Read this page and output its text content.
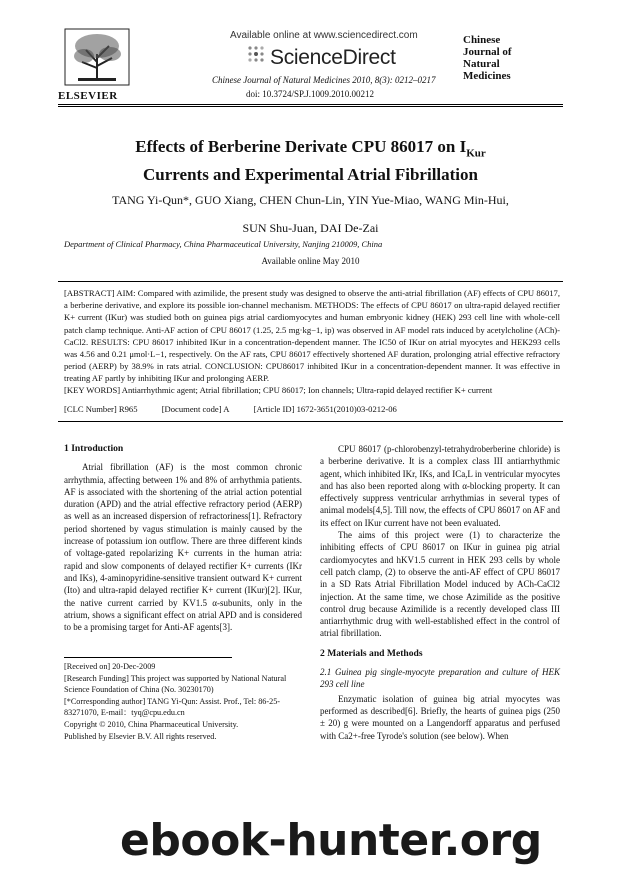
ELSEVIER
Available online at www.sciencedirect.com
ScienceDirect
Chinese Journal of Natural Medicines 2010, 8(3): 0212–0217
doi: 10.3724/SP.J.1009.2010.00212
Chinese
Journal of
Natural
Medicines
Effects of Berberine Derivate CPU 86017 on $I_{Kur}$
Currents and Experimental Atrial Fibrillation
TANG Yi-Qun*, GUO Xiang, CHEN Chun-Lin, YIN Yue-Miao, WANG Min-Hui,
SUN Shu-Juan, DAI De-Zai
Department of Clinical Pharmacy, China Pharmaceutical University, Nanjing 210009, China
Available online May 2010
[ABSTRACT] AIM: Compared with azimilide, the present study was designed to observe the anti-atrial fibrillation (AF) effects of CPU 86017, a berberine derivative, and explore its possible ion-channel mechanism. METHODS: The effects of CPU 86017 on ultra-rapid delayed rectifier K+ current (IKur) was studied both on guinea pigs atrial cardiomyocytes and human embryonic kidney (HEK) 293 cell line with whole-cell patch clamp technique. Anti-AF action of CPU 86017 (1.25, 2.5 mg·kg−1, ip) was observed in AF model rats induced by acetylcholine (ACh)-CaCl2. RESULTS: CPU 86017 inhibited IKur in a concentration-dependent manner. The IC50 of IKur on atrial myocytes and HEK293 cells was 4.56 and 0.21 μmol·L−1, respectively. On the AF rats, CPU 86017 effectively shortened AF duration, prolonging atrial effective refractory period (AERP) by 38.9% in rats atrial. CONCLUSION: CPU86017 inhibited IKur in a concentration-dependent manner. It was effective in treating AF partly by inhibiting IKur and prolonging AERP.
[KEY WORDS] Antiarrhythmic agent; Atrial fibrillation; CPU 86017; Ion channels; Ultra-rapid delayed rectifier K+ current
[CLC Number] R965	[Document code] A	[Article ID] 1672-3651(2010)03-0212-06
1 Introduction

Atrial fibrillation (AF) is the most common chronic arrhythmia, affecting between 1% and 8% of arrhythmia patients. AF is associated with the shortening of the atrial action potential duration (APD) and the atrial effective refractory period (AERP) as well as an increased dispersion of refractoriness[1]. Refractory period shortened by vagus stimulation is mainly caused by the increase of potassium ion outflow. There are three different kinds of voltage-gated repolarizing K+ currents in the human atria: rapid and slow components of delayed rectifier K+ currents (IKr and IKs), 4-aminopyridine-sensitive transient outward K+ current (Ito) and ultra-rapid delayed rectifier K+ current (IKur)[2]. IKur, the native current carried by KV1.5 α-subunits, only in the atrium, shows a significant effect on atrial APD and is considered to be a promising target for Anti-AF agents[3].

[Received on] 20-Dec-2009
[Research Funding] This project was supported by National Natural Science Foundation of China (No. 30230170)
[*Corresponding author] TANG Yi-Qun: Assist. Prof., Tel: 86-25-83271070, E-mail：tyq@cpu.edu.cn
Copyright © 2010, China Pharmaceutical University.
Published by Elsevier B.V. All rights reserved.

CPU 86017 (p-chlorobenzyl-tetrahydroberberine chloride) is a berberine derivative. It is a complex class III antiarrhythmic agent, which inhibited IKr, IKs, and ICa,L in ventricular myocytes and has also been reported along with α-blocking property. It can effectively suppress ventricular arrhythmias in several types of animal models[4,5]. Till now, the effects of CPU 86017 on AF and its effect on IKur current have not been evaluated.

The aims of this project were (1) to characterize the inhibiting effects of CPU 86017 on IKur in guinea pig atrial cardiomyocytes and hKV1.5 current in HEK 293 cells by whole cell patch clamp, (2) to observe the anti-AF effect of CPU 86017 in a SD Rats Atrial Fibrillation Model induced by ACh-CaCl2 injection. At the same time, we chose Azimilide as the positive control drug because Azimilide is a recently developed class III antiarrhythmic drug with well-established effect in the control of atrial fibrillation.

2 Materials and Methods
2.1 Guinea pig single-myocyte preparation and culture of HEK 293 cell line

Enzymatic isolation of guinea big atrial myocytes was performed as described[6]. Briefly, the hearts of guinea pigs (250 ± 20) g were mounted on a Langendorff apparatus and perfused with Ca2+-free Tyrode's solution (see below). When

ebook-hunter.org
